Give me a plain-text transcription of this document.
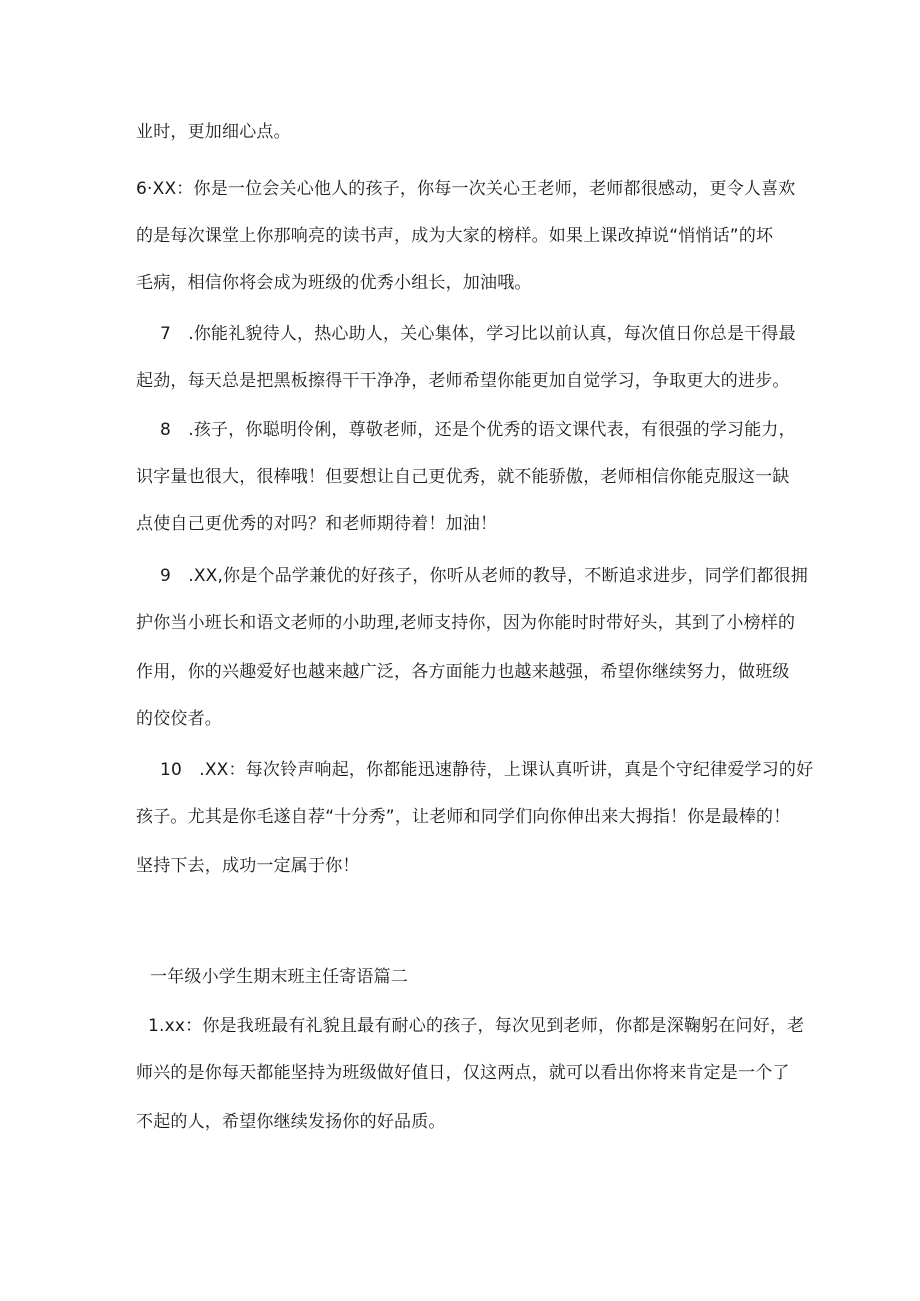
业时，更加细心点。
6·XX：你是一位会关心他人的孩子，你每一次关心王老师，老师都很感动，更令人喜欢
的是每次课堂上你那响亮的读书声，成为大家的榜样。如果上课改掉说“悄悄话”的坏
毛病，相信你将会成为班级的优秀小组长，加油哦。
7　.你能礼貌待人，热心助人，关心集体，学习比以前认真，每次值日你总是干得最
起劲，每天总是把黑板擦得干干净净，老师希望你能更加自觉学习，争取更大的进步。
8　.孩子，你聪明伶俐，尊敬老师，还是个优秀的语文课代表，有很强的学习能力，
识字量也很大，很棒哦！但要想让自己更优秀，就不能骄傲，老师相信你能克服这一缺
点使自己更优秀的对吗？和老师期待着！加油！
9　.XX,你是个品学兼优的好孩子，你听从老师的教导，不断追求进步，同学们都很拥
护你当小班长和语文老师的小助理,老师支持你，因为你能时时带好头，其到了小榜样的
作用，你的兴趣爱好也越来越广泛，各方面能力也越来越强，希望你继续努力，做班级
的佼佼者。
10　.XX：每次铃声响起，你都能迅速静待，上课认真听讲，真是个守纪律爱学习的好
孩子。尤其是你毛遂自荐“十分秀”，让老师和同学们向你伸出来大拇指！你是最棒的！
坚持下去，成功一定属于你！
一年级小学生期末班主任寄语篇二
1.xx：你是我班最有礼貌且最有耐心的孩子，每次见到老师，你都是深鞠躬在问好，老
师兴的是你每天都能坚持为班级做好值日，仅这两点，就可以看出你将来肯定是一个了
不起的人，希望你继续发扬你的好品质。
